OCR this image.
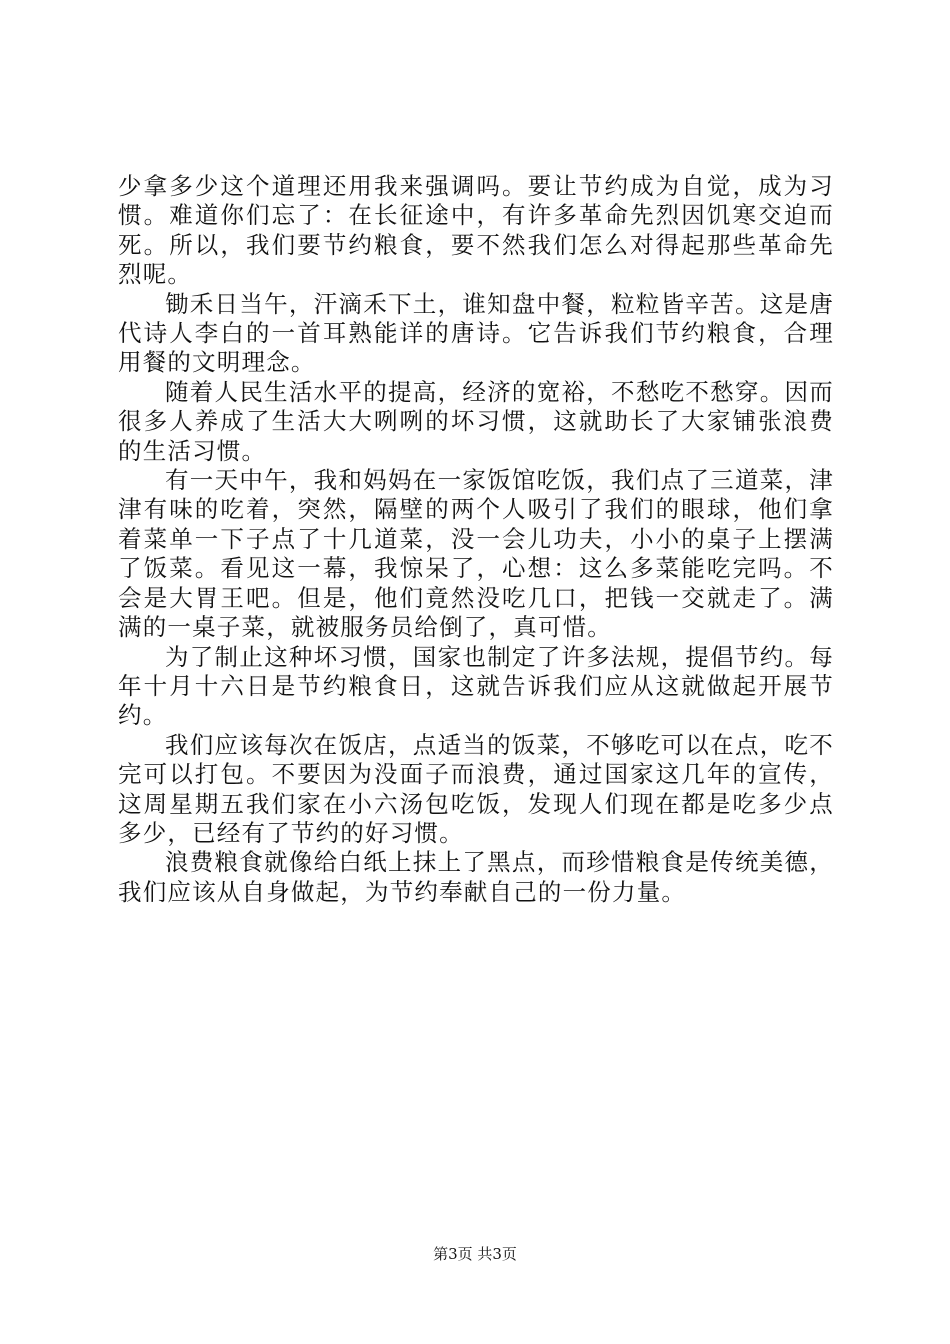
少拿多少这个道理还用我来强调吗。要让节约成为自觉，成为习惯。难道你们忘了：在长征途中，有许多革命先烈因饥寒交迫而死。所以，我们要节约粮食，要不然我们怎么对得起那些革命先烈呢。

锄禾日当午，汗滴禾下土，谁知盘中餐，粒粒皆辛苦。这是唐代诗人李白的一首耳熟能详的唐诗。它告诉我们节约粮食，合理用餐的文明理念。

随着人民生活水平的提高，经济的宽裕，不愁吃不愁穿。因而很多人养成了生活大大咧咧的坏习惯，这就助长了大家铺张浪费的生活习惯。

有一天中午，我和妈妈在一家饭馆吃饭，我们点了三道菜，津津有味的吃着，突然，隔壁的两个人吸引了我们的眼球，他们拿着菜单一下子点了十几道菜，没一会儿功夫，小小的桌子上摆满了饭菜。看见这一幕，我惊呆了，心想：这么多菜能吃完吗。不会是大胃王吧。但是，他们竟然没吃几口，把钱一交就走了。满满的一桌子菜，就被服务员给倒了，真可惜。

为了制止这种坏习惯，国家也制定了许多法规，提倡节约。每年十月十六日是节约粮食日，这就告诉我们应从这就做起开展节约。

我们应该每次在饭店，点适当的饭菜，不够吃可以在点，吃不完可以打包。不要因为没面子而浪费，通过国家这几年的宣传，这周星期五我们家在小六汤包吃饭，发现人们现在都是吃多少点多少，已经有了节约的好习惯。

浪费粮食就像给白纸上抹上了黑点，而珍惜粮食是传统美德，我们应该从自身做起，为节约奉献自己的一份力量。

第3页 共3页
